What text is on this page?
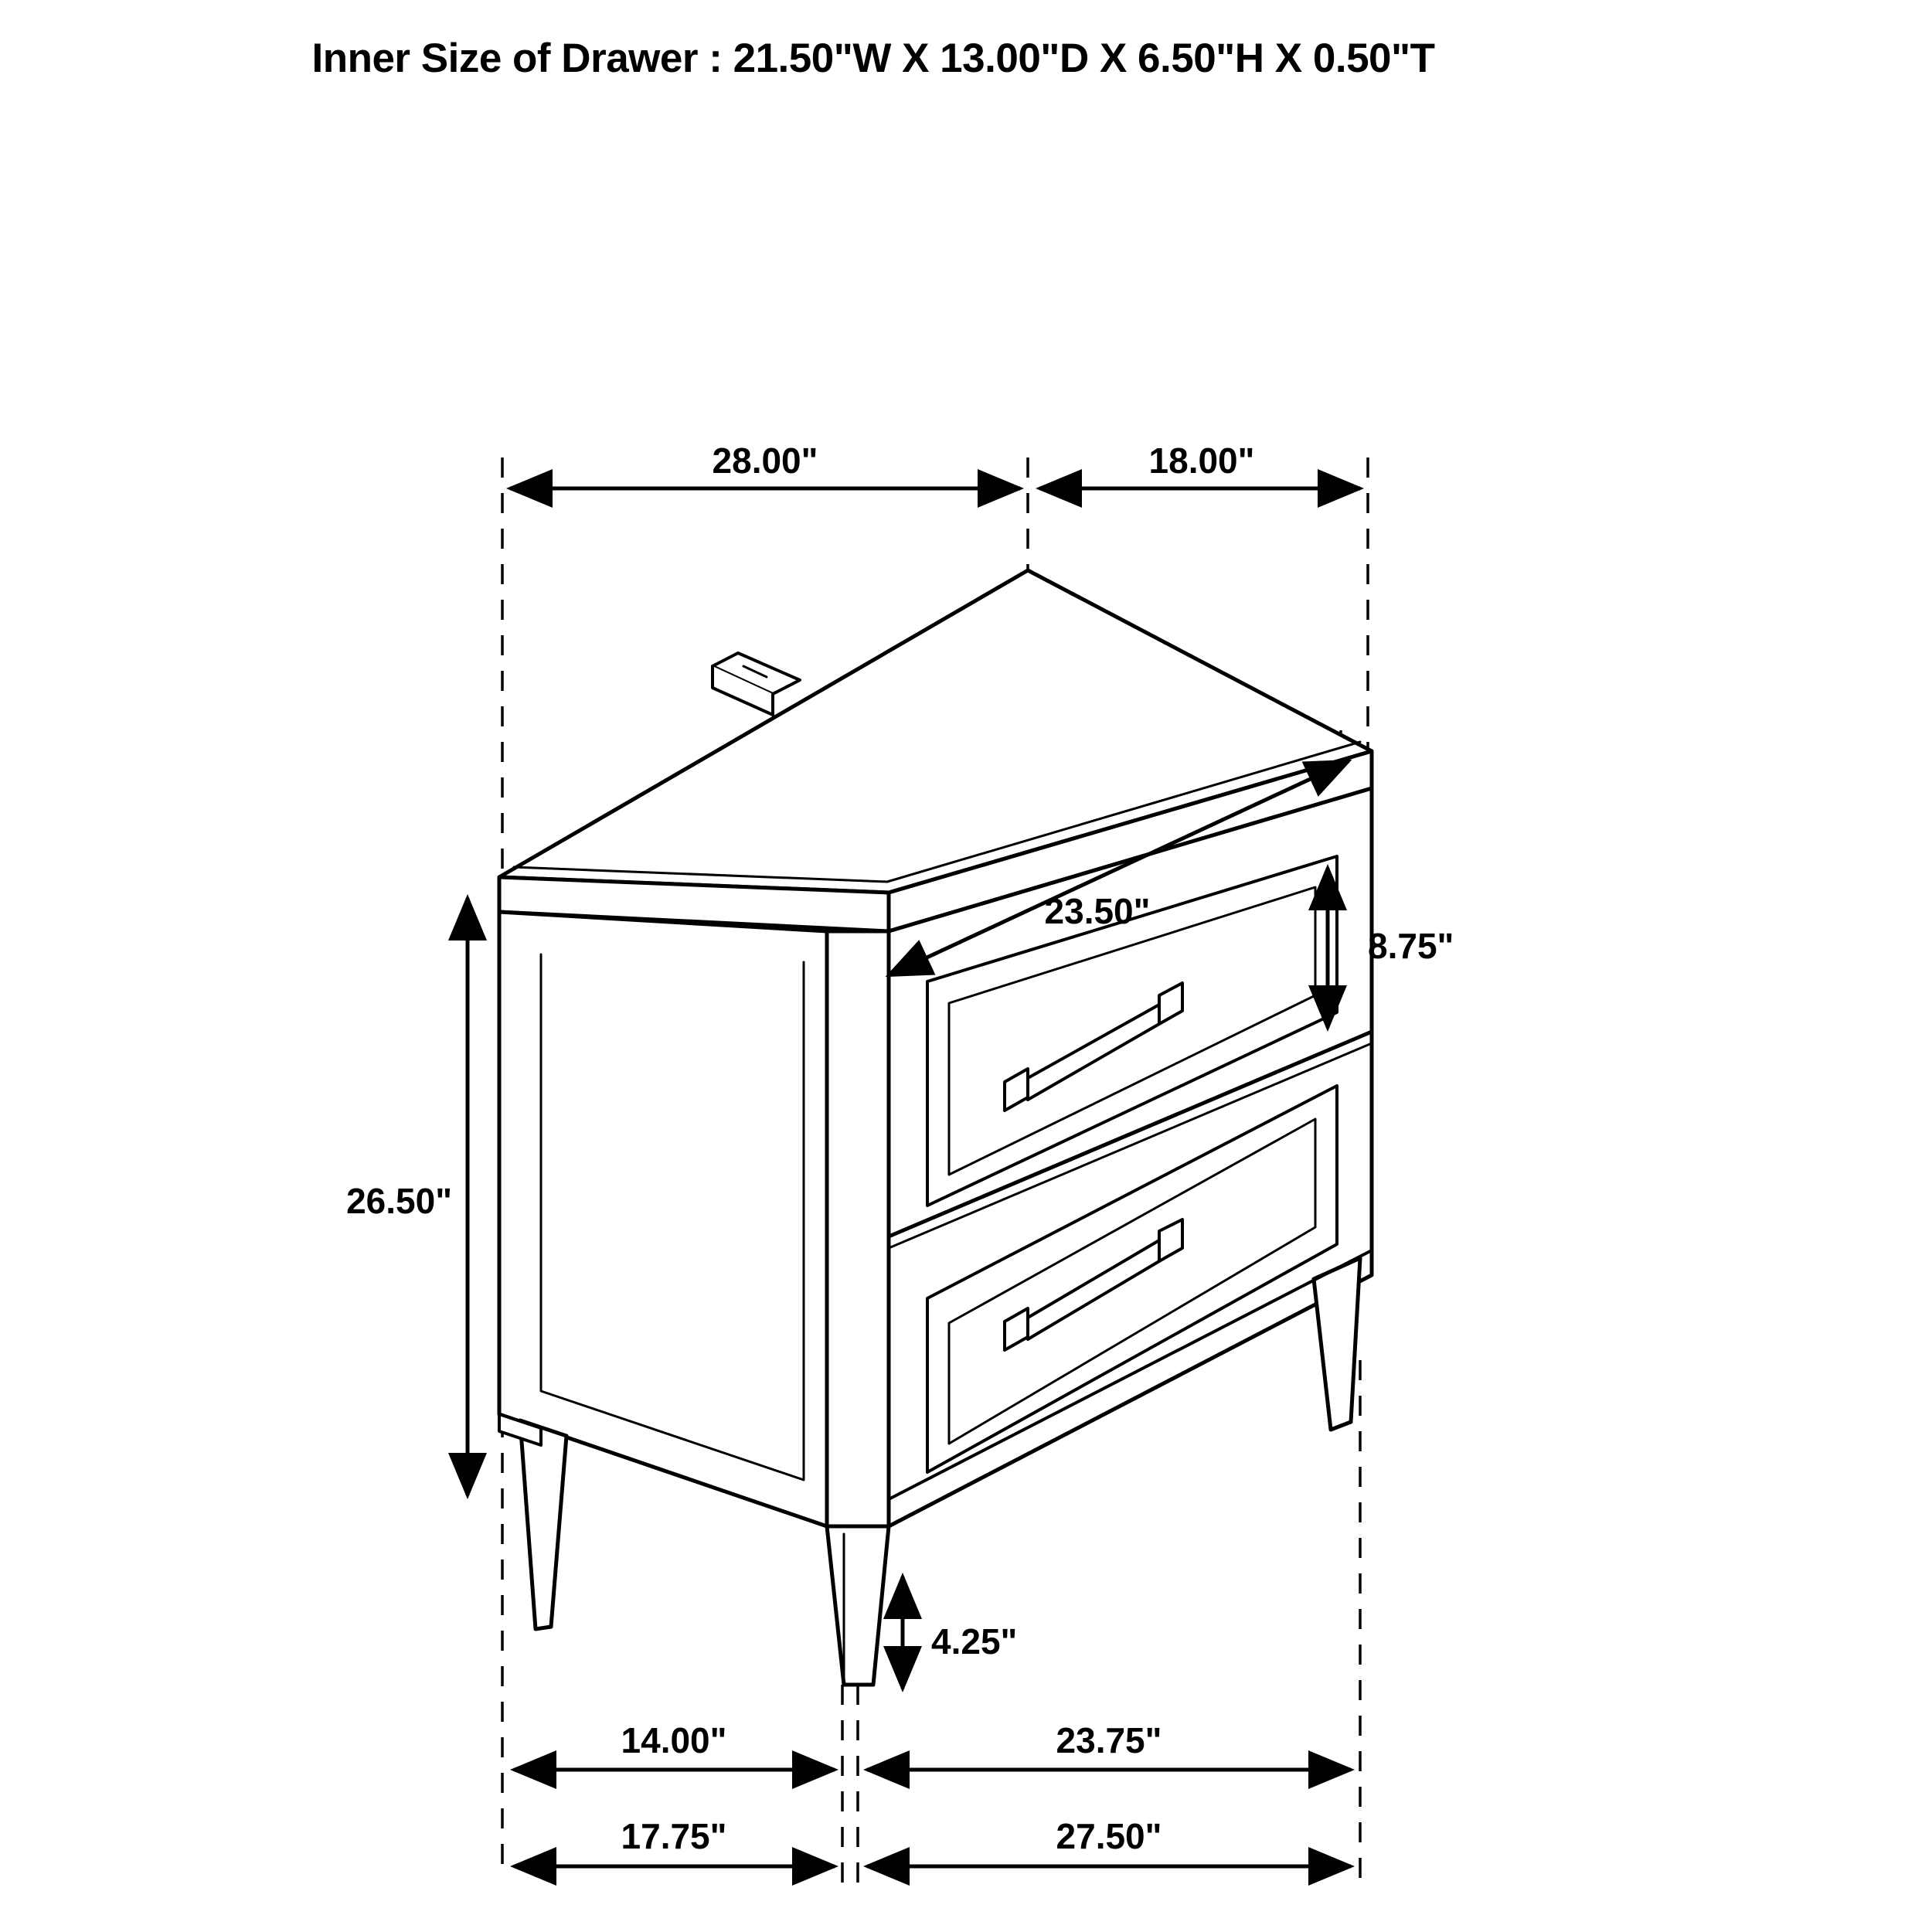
Inner Size of Drawer : 21.50"W X 13.00"D X 6.50"H X 0.50"T
28.00"	18.00"
23.50"
8.75"
26.50"
4.25"
14.00"	23.75"
17.75"	27.50"
